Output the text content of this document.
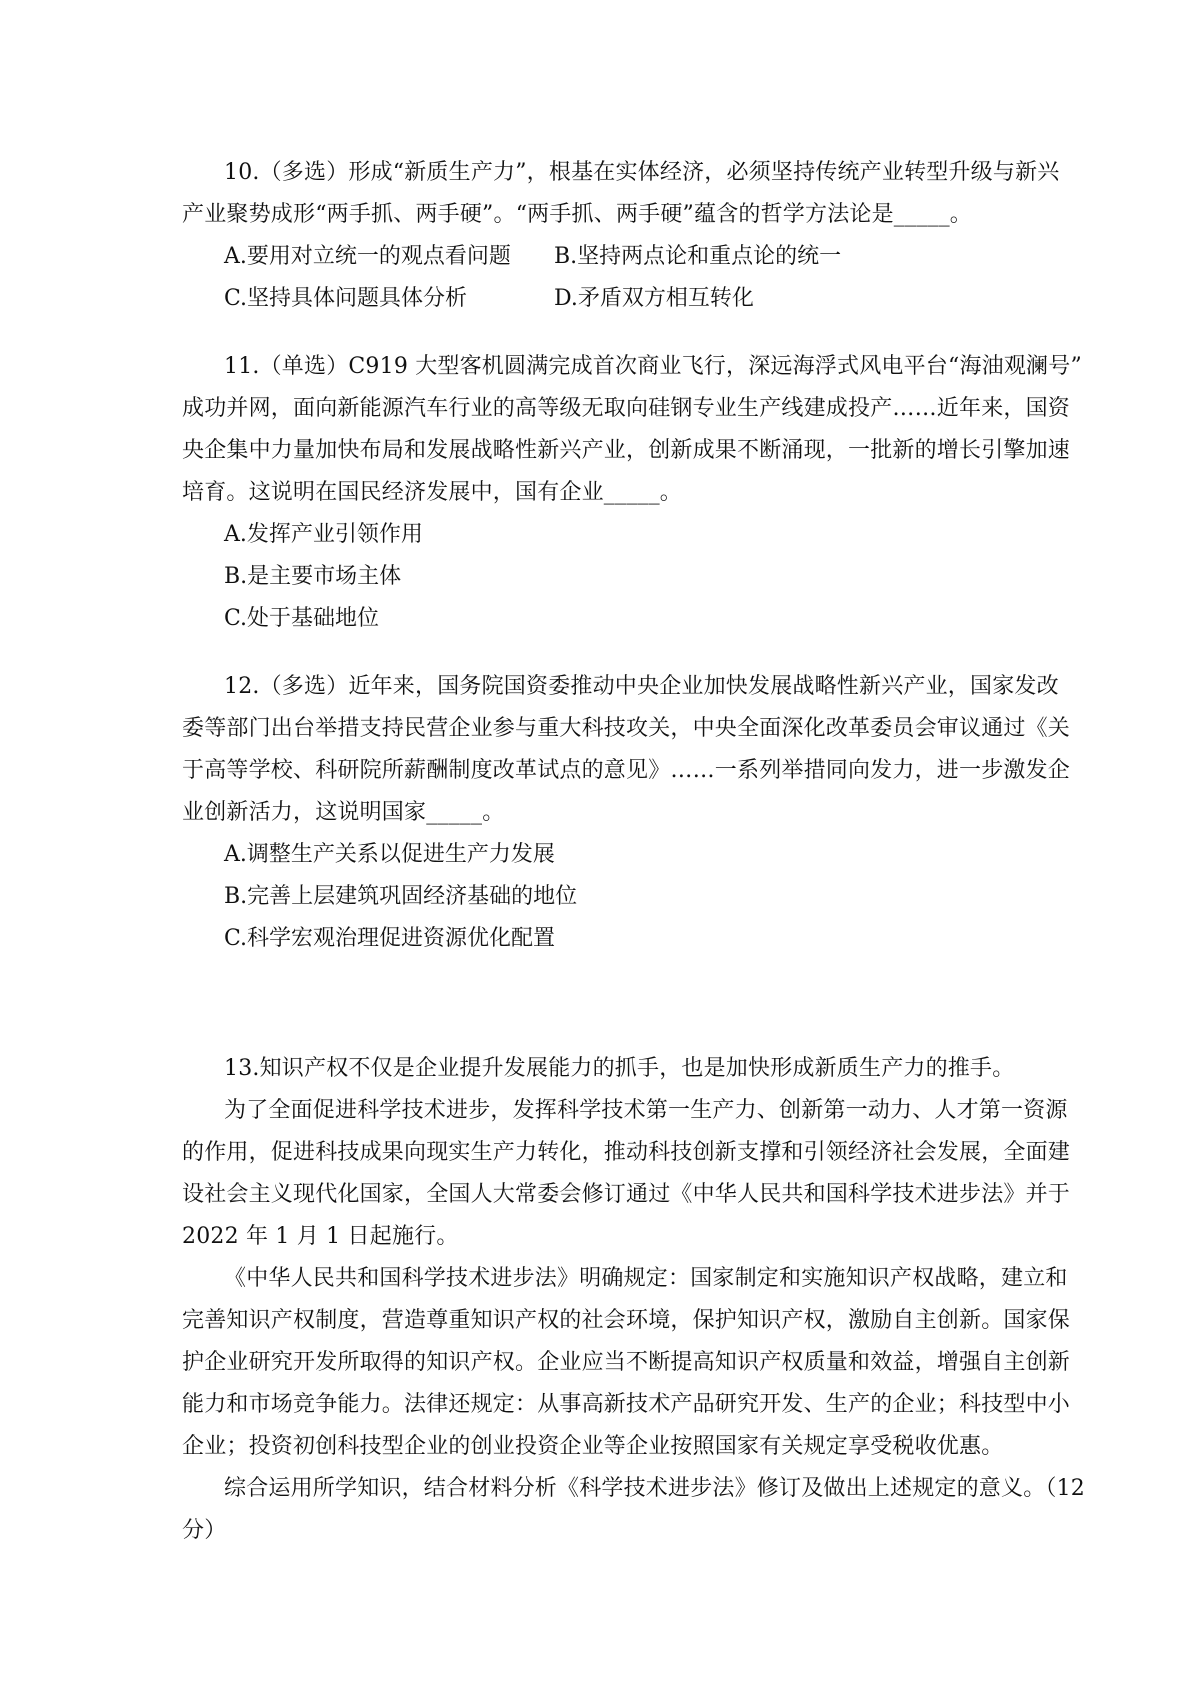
10.（多选）形成“新质生产力”，根基在实体经济，必须坚持传统产业转型升级与新兴
产业聚势成形“两手抓、两手硬”。“两手抓、两手硬”蕴含的哲学方法论是_____。
A.要用对立统一的观点看问题	B.坚持两点论和重点论的统一
C.坚持具体问题具体分析	D.矛盾双方相互转化
11.（单选）C919 大型客机圆满完成首次商业飞行，深远海浮式风电平台“海油观澜号”
成功并网，面向新能源汽车行业的高等级无取向硅钢专业生产线建成投产……近年来，国资
央企集中力量加快布局和发展战略性新兴产业，创新成果不断涌现，一批新的增长引擎加速
培育。这说明在国民经济发展中，国有企业_____。
A.发挥产业引领作用
B.是主要市场主体
C.处于基础地位
12.（多选）近年来，国务院国资委推动中央企业加快发展战略性新兴产业，国家发改
委等部门出台举措支持民营企业参与重大科技攻关，中央全面深化改革委员会审议通过《关
于高等学校、科研院所薪酬制度改革试点的意见》……一系列举措同向发力，进一步激发企
业创新活力，这说明国家_____。
A.调整生产关系以促进生产力发展
B.完善上层建筑巩固经济基础的地位
C.科学宏观治理促进资源优化配置
13.知识产权不仅是企业提升发展能力的抓手，也是加快形成新质生产力的推手。
为了全面促进科学技术进步，发挥科学技术第一生产力、创新第一动力、人才第一资源
的作用，促进科技成果向现实生产力转化，推动科技创新支撑和引领经济社会发展，全面建
设社会主义现代化国家，全国人大常委会修订通过《中华人民共和国科学技术进步法》并于
2022 年 1 月 1 日起施行。
《中华人民共和国科学技术进步法》明确规定：国家制定和实施知识产权战略，建立和
完善知识产权制度，营造尊重知识产权的社会环境，保护知识产权，激励自主创新。国家保
护企业研究开发所取得的知识产权。企业应当不断提高知识产权质量和效益，增强自主创新
能力和市场竞争能力。法律还规定：从事高新技术产品研究开发、生产的企业；科技型中小
企业；投资初创科技型企业的创业投资企业等企业按照国家有关规定享受税收优惠。
综合运用所学知识，结合材料分析《科学技术进步法》修订及做出上述规定的意义。（12
分）
